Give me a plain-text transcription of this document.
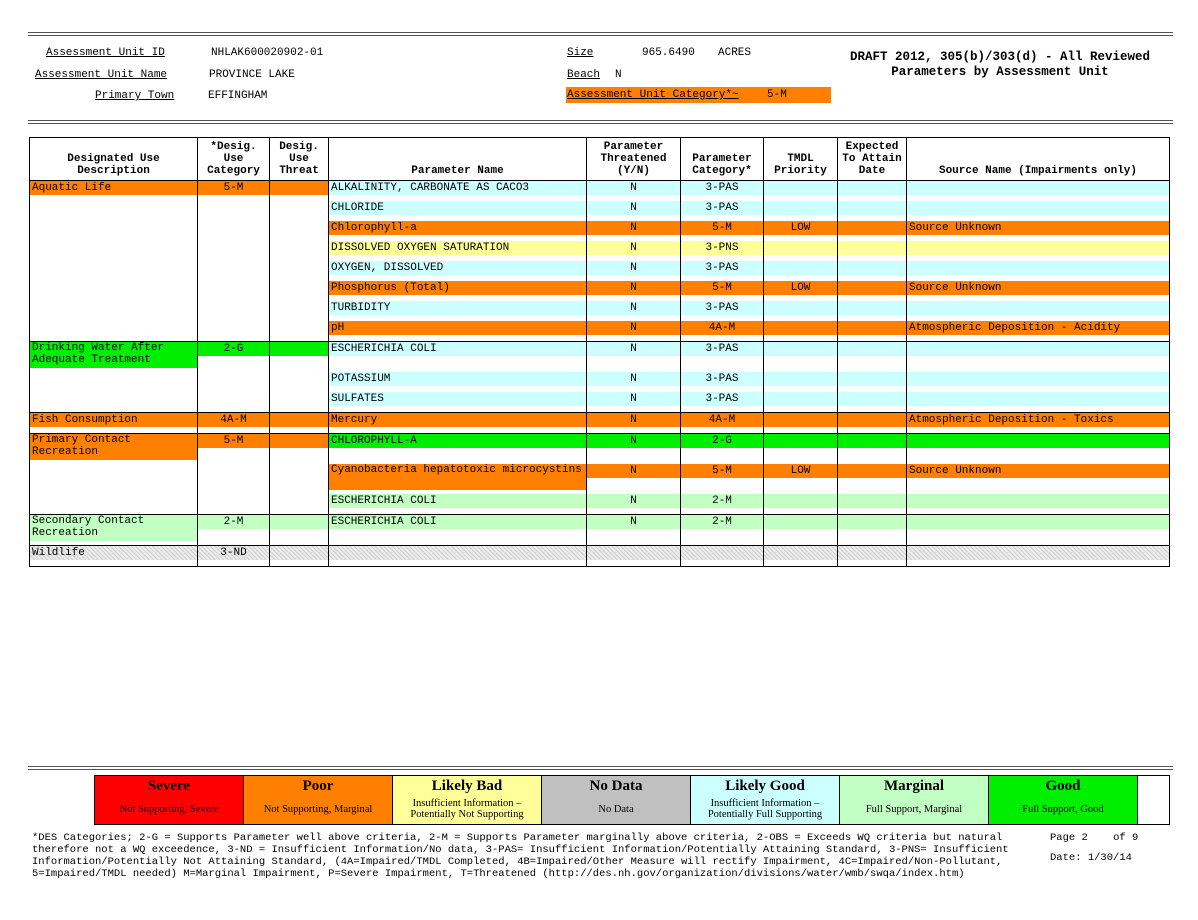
Assessment Unit ID	NHLAK600020902-01
Assessment Unit Name	PROVINCE LAKE
Primary Town	EFFINGHAM
Size	965.6490 ACRES
Beach N
Assessment Unit Category*~	5-M
DRAFT 2012, 305(b)/303(d) - All Reviewed Parameters by Assessment Unit
Designated Use Description	*Desig. Use Category	Desig. Use Threat	Parameter Name	Parameter Threatened (Y/N)	Parameter Category*	TMDL Priority	Expected To Attain Date	Source Name (Impairments only)

Aquatic Life	5-M		ALKALINITY, CARBONATE AS CACO3	N	3-PAS			

			CHLORIDE	N	3-PAS			

			Chlorophyll-a	N	5-M	LOW		Source Unknown

			DISSOLVED OXYGEN SATURATION	N	3-PNS			

			OXYGEN, DISSOLVED	N	3-PAS			

			Phosphorus (Total)	N	5-M	LOW		Source Unknown

			TURBIDITY	N	3-PAS			

			pH	N	4A-M			Atmospheric Deposition - Acidity

Drinking Water After Adequate Treatment	2-G		ESCHERICHIA COLI	N	3-PAS			

			POTASSIUM	N	3-PAS			

			SULFATES	N	3-PAS			

Fish Consumption	4A-M		Mercury	N	4A-M			Atmospheric Deposition - Toxics

Primary Contact Recreation	5-M		CHLOROPHYLL-A	N	2-G			

			Cyanobacteria hepatotoxic microcystins	N	5-M	LOW		Source Unknown

			ESCHERICHIA COLI	N	2-M			

Secondary Contact Recreation	2-M		ESCHERICHIA COLI	N	2-M			

Wildlife	3-ND							

Severe
Not Supporting, Severe
Poor
Not Supporting, Marginal
Likely Bad
Insufficient Information – Potentially Not Supporting
No Data
No Data
Likely Good
Insufficient Information – Potentially Full Supporting
Marginal
Full Support, Marginal
Good
Full Support, Good
*DES Categories; 2-G = Supports Parameter well above criteria, 2-M = Supports Parameter marginally above criteria, 2-OBS = Exceeds WQ criteria but natural therefore not a WQ exceedence, 3-ND = Insufficient Information/No data, 3-PAS= Insufficient Information/Potentially Attaining Standard, 3-PNS= Insufficient Information/Potentially Not Attaining Standard, (4A=Impaired/TMDL Completed, 4B=Impaired/Other Measure will rectify Impairment, 4C=Impaired/Non-Pollutant, 5=Impaired/TMDL needed) M=Marginal Impairment, P=Severe Impairment, T=Threatened (http://des.nh.gov/organization/divisions/water/wmb/swqa/index.htm)
Page 2 of 9
Date: 1/30/14
